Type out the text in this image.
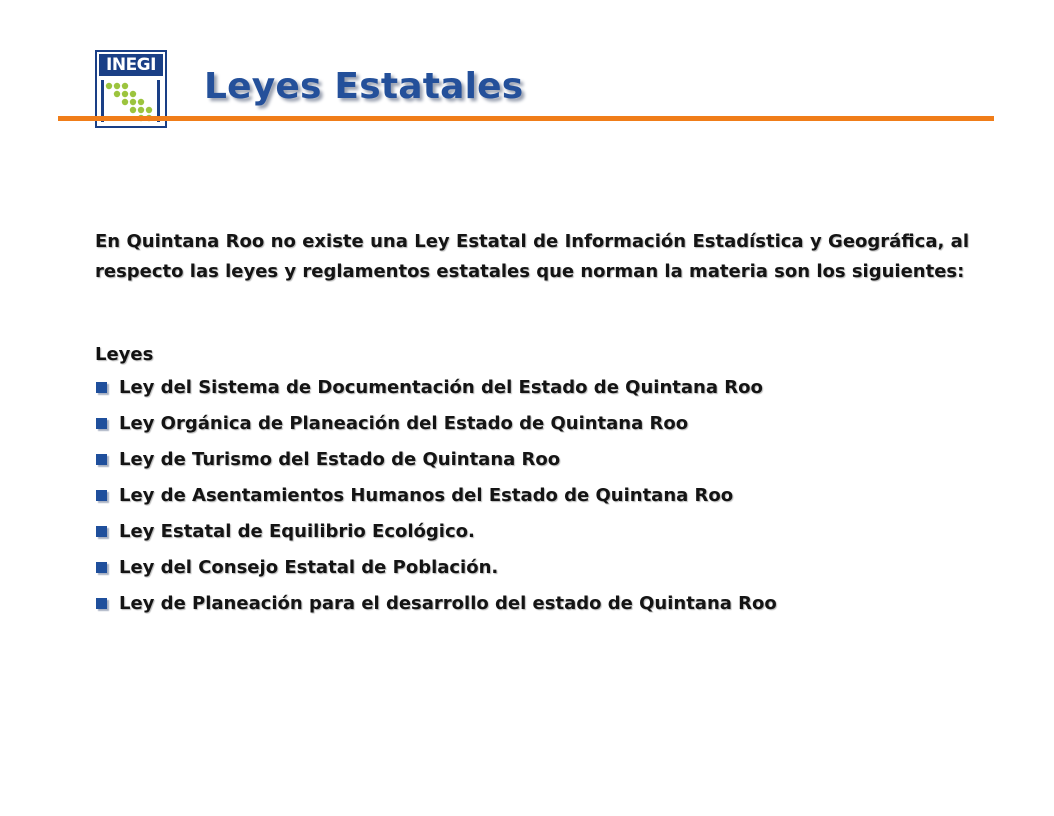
INEGI
Leyes Estatales

En Quintana Roo no existe una Ley Estatal de Información Estadística y Geográfica, al respecto las leyes y reglamentos estatales que norman la materia son los siguientes:

Leyes
Ley del Sistema de Documentación del Estado de Quintana Roo
Ley Orgánica de Planeación del Estado de Quintana Roo
Ley de Turismo del Estado de Quintana Roo
Ley de Asentamientos Humanos del Estado de Quintana Roo
Ley Estatal de Equilibrio Ecológico.
Ley del Consejo Estatal de Población.
Ley de Planeación para el desarrollo del estado de Quintana Roo
